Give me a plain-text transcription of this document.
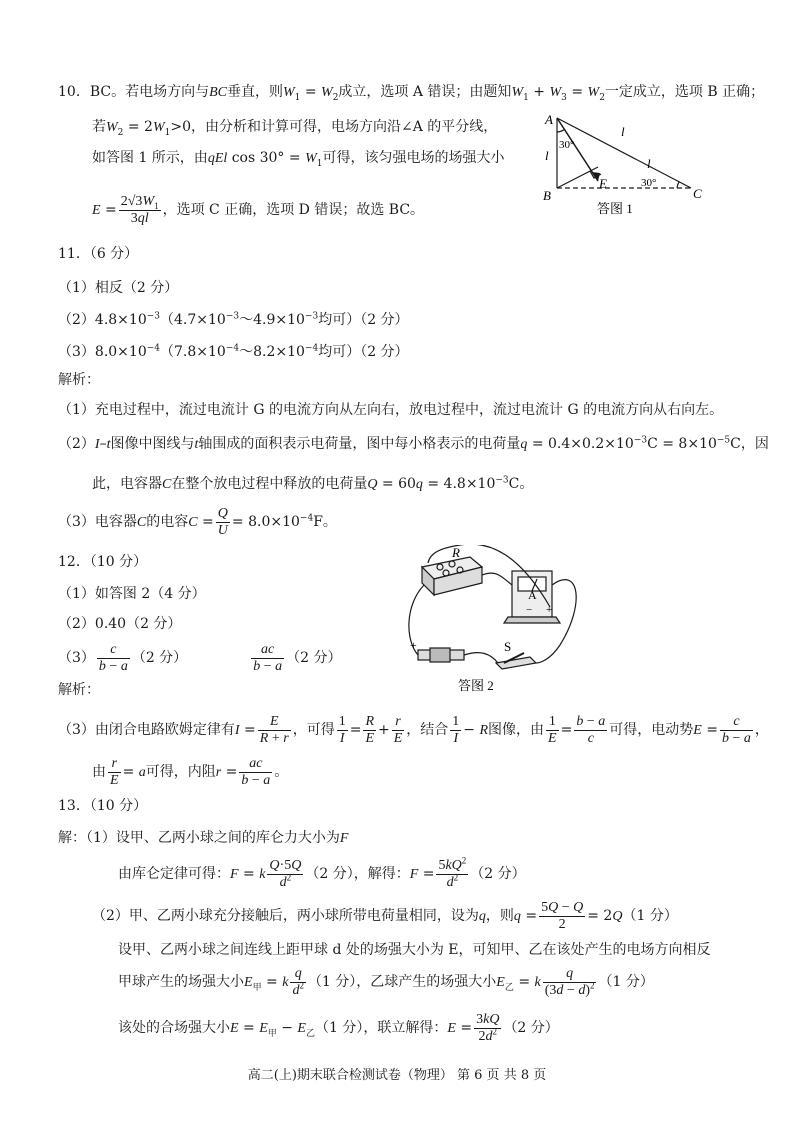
10．BC。若电场方向与BC垂直，则$W_1 = W_2$成立，选项 A 错误；由题知$W_1 + W_3 = W_2$一定成立，选项 B 正确；
若$W_2 = 2W_1>0$，由分析和计算可得，电场方向沿∠A 的平分线，
如答图 1 所示，由qEl $\cos 30^\circ = W_1$可得，该匀强电场的场强大小
$E = \frac{2√3W_1}{3ql}$ ，选项 C 正确，选项 D 错误；故选 BC。
A
B	C
E
l
l
l
30°
30°
答图 1
11．（6 分）
（1）相反（2 分）
$(2)4.8\times 10^{-3}(4.7\times 10^{-3}\sim 4.9\times 10^{-3}$均可）（2 分）
$(3)8.0\times 10^{-4}(7.8\times 10^{-4}\sim 8.2\times 10^{-4}$均可）（2 分）
解析：
（1）充电过程中，流过电流计 G 的电流方向从左向右，放电过程中，流过电流计 G 的电流方向从右向左。
（2）I–t图像中图线与t轴围成的面积表示电荷量，图中每小格表示的电荷量$q = 0.4\times 0.2\times 10^{-3}C = 8\times 10^{-5}C$，因
此，电容器C在整个放电过程中释放的电荷量$Q = 60q = 4.8\times 10^{-3}C$。
（3）电容器C的电容$C = \frac{Q}{U} = 8.0\times 10^{-4}F$。
12．（10 分）
（1）如答图 2（4 分）
（2）0.40（2 分）
$(3) \frac{c}{b - a} (2$ 分）	$\frac{ac}{b - a} (2$ 分）
解析：
（3）由闭合电路欧姆定律有$I = \frac{E}{R + r}$ ，可得 $\frac{1}{I} = \frac{R}{E} + \frac{r}{E}$ ，结合 $\frac{1}{I} - R$图像，由 $\frac{1}{E} = \frac{b - a}{c}$ 可得，电动势$E = \frac{c}{b - a}$ ，
由 $\frac{r}{E} = a$可得，内阻$r = \frac{ac}{b - a}$ 。
R
A
S
+
+
−
答图 2
13．（10 分）
解：（1）设甲、乙两小球之间的库仑力大小为F
由库仑定律可得：F = k $\frac{Q\cdot 5Q}{d^2} (2$ 分），解得：$F = \frac{5kQ^2}{d^2} (2$ 分）
（2）甲、乙两小球充分接触后，两小球所带电荷量相同，设为q，则$q = \frac{5Q - Q}{2} = 2Q(1$ 分）
设甲、乙两小球之间连线上距甲球 d 处的场强大小为 E，可知甲、乙在该处产生的电场方向相反
甲球产生的场强大小$E_甲 = k \frac{q}{d^2} (1$ 分），乙球产生的场强大小$E_乙 = k \frac{q}{(3d - d)^2} (1$ 分）
该处的合场强大小$E = E_甲 - E_乙(1$ 分），联立解得：$E = \frac{3kQ}{2d^2} (2$ 分）
高二(上)期末联合检测试卷（物理） 第 6 页 共 8 页
